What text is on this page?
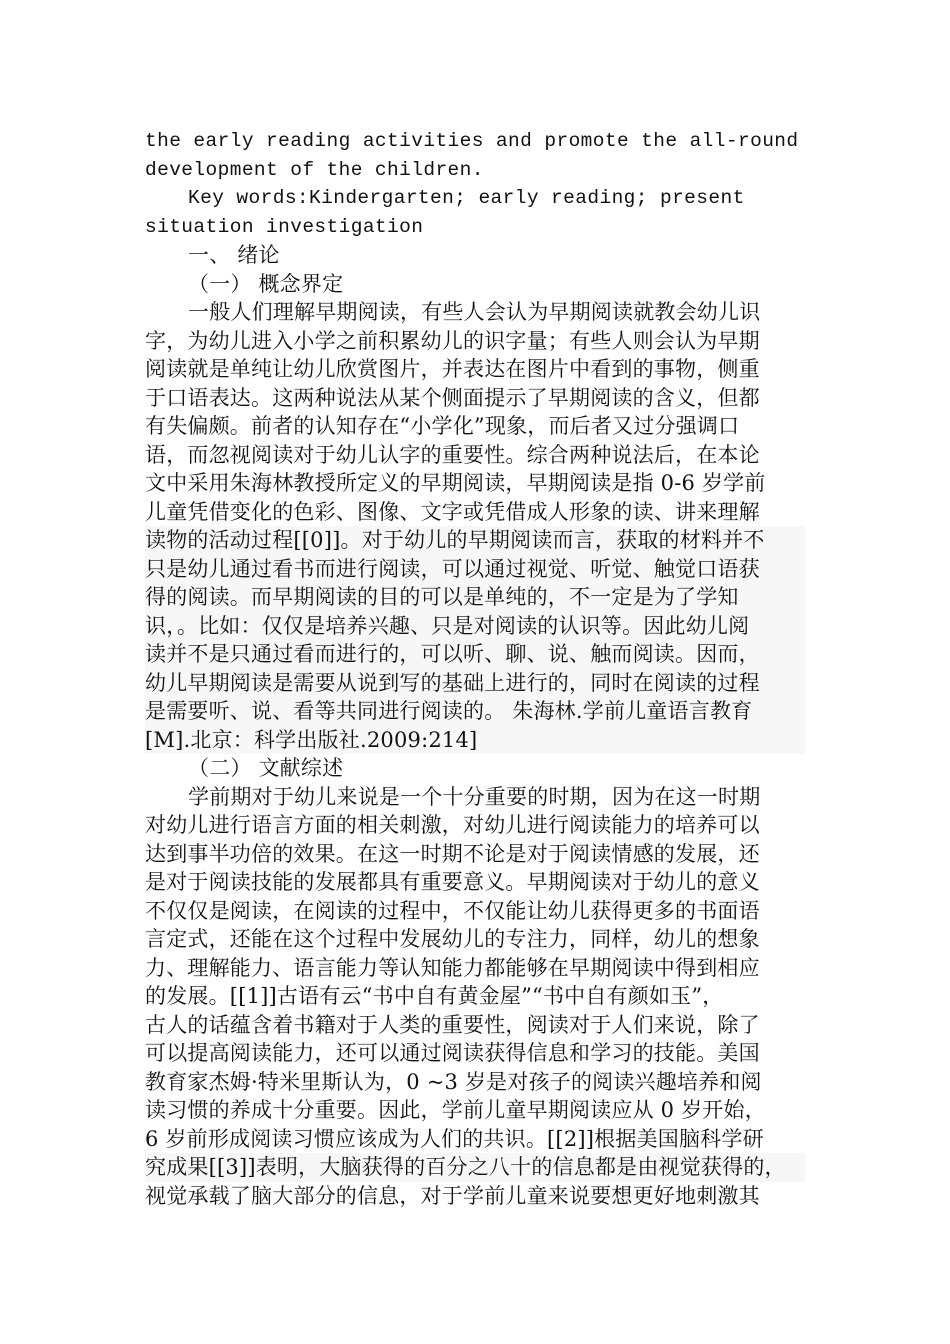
the early reading activities and promote the all-round
development of the children.
Key words:Kindergarten; early reading; present
situation investigation
一、 绪论
（一） 概念界定
一般人们理解早期阅读，有些人会认为早期阅读就教会幼儿识
字，为幼儿进入小学之前积累幼儿的识字量；有些人则会认为早期
阅读就是单纯让幼儿欣赏图片，并表达在图片中看到的事物，侧重
于口语表达。这两种说法从某个侧面提示了早期阅读的含义，但都
有失偏颇。前者的认知存在“小学化”现象，而后者又过分强调口
语，而忽视阅读对于幼儿认字的重要性。综合两种说法后，在本论
文中采用朱海林教授所定义的早期阅读，早期阅读是指 0-6 岁学前
儿童凭借变化的色彩、图像、文字或凭借成人形象的读、讲来理解
读物的活动过程[[0]]。对于幼儿的早期阅读而言，获取的材料并不
只是幼儿通过看书而进行阅读，可以通过视觉、听觉、触觉口语获
得的阅读。而早期阅读的目的可以是单纯的，不一定是为了学知
识，。比如：仅仅是培养兴趣、只是对阅读的认识等。因此幼儿阅
读并不是只通过看而进行的，可以听、聊、说、触而阅读。因而，
幼儿早期阅读是需要从说到写的基础上进行的，同时在阅读的过程
是需要听、说、看等共同进行阅读的。 朱海林.学前儿童语言教育
[M].北京：科学出版社.2009:214]
（二） 文献综述
学前期对于幼儿来说是一个十分重要的时期，因为在这一时期
对幼儿进行语言方面的相关刺激，对幼儿进行阅读能力的培养可以
达到事半功倍的效果。在这一时期不论是对于阅读情感的发展，还
是对于阅读技能的发展都具有重要意义。早期阅读对于幼儿的意义
不仅仅是阅读，在阅读的过程中，不仅能让幼儿获得更多的书面语
言定式，还能在这个过程中发展幼儿的专注力，同样，幼儿的想象
力、理解能力、语言能力等认知能力都能够在早期阅读中得到相应
的发展。[[1]]古语有云“书中自有黄金屋”“书中自有颜如玉”，
古人的话蕴含着书籍对于人类的重要性，阅读对于人们来说，除了
可以提高阅读能力，还可以通过阅读获得信息和学习的技能。美国
教育家杰姆·特米里斯认为，0 ~3 岁是对孩子的阅读兴趣培养和阅
读习惯的养成十分重要。因此，学前儿童早期阅读应从 0 岁开始，
6 岁前形成阅读习惯应该成为人们的共识。[[2]]根据美国脑科学研
究成果[[3]]表明，大脑获得的百分之八十的信息都是由视觉获得的，
视觉承载了脑大部分的信息，对于学前儿童来说要想更好地刺激其
